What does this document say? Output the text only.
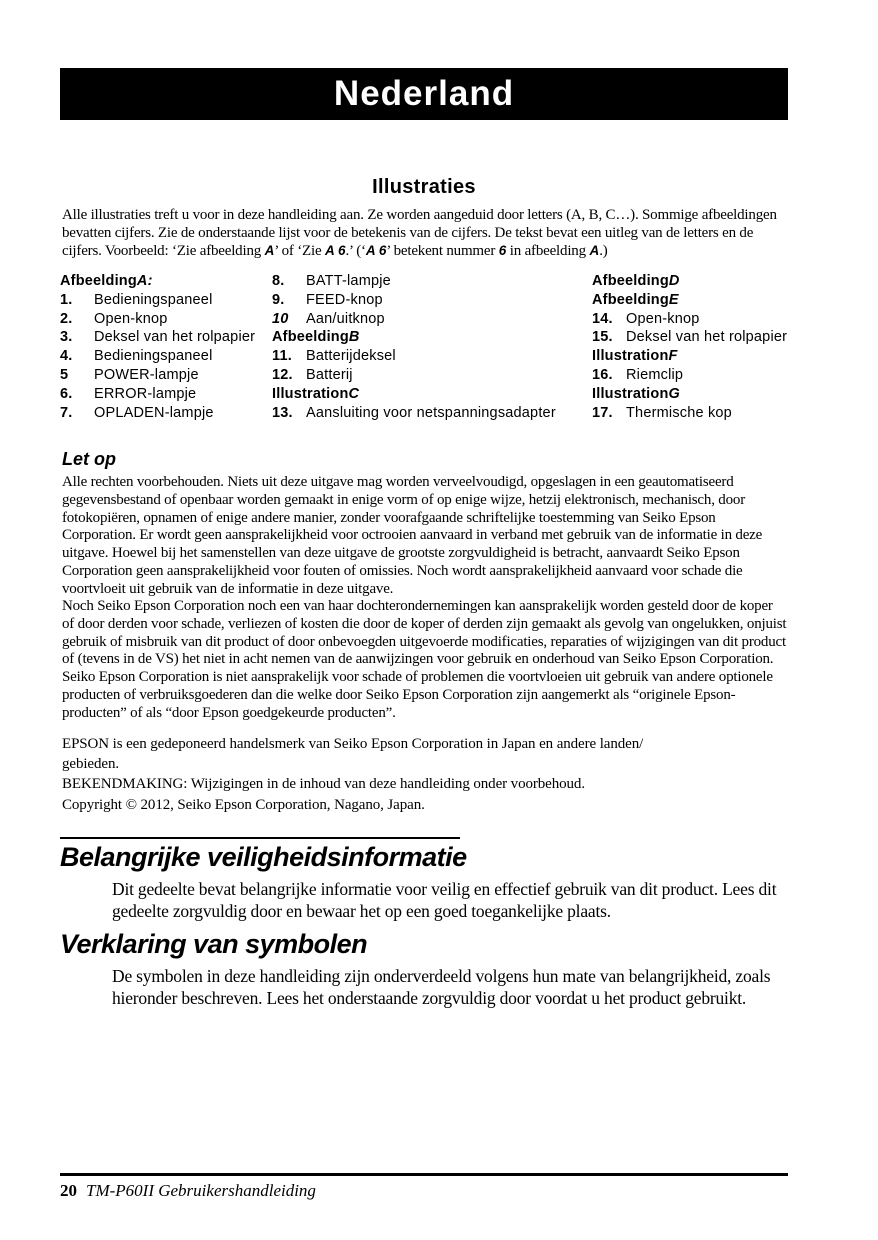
Nederland
Illustraties

Alle illustraties treft u voor in deze handleiding aan. Ze worden aangeduid door letters (A, B, C…). Sommige afbeeldingen bevatten cijfers. Zie de onderstaande lijst voor de betekenis van de cijfers. De tekst bevat een uitleg van de letters en de cijfers. Voorbeeld: ‘Zie afbeelding A’ of ‘Zie A 6.’ (‘A 6’ betekent nummer 6 in afbeelding A.)

Afbeelding A:
1.	Bedieningspaneel
2.	Open-knop
3.	Deksel van het rolpapier
4.	Bedieningspaneel
5	POWER-lampje
6.	ERROR-lampje
7.	OPLADEN-lampje
8.	BATT-lampje
9.	FEED-knop
10	Aan/uitknop
Afbeelding B
11. Batterijdeksel
12. Batterij
Illustration C
13. Aansluiting voor netspanningsadapter
Afbeelding D
Afbeelding E
14. Open-knop
15. Deksel van het rolpapier
Illustration F
16. Riemclip
Illustration G
17. Thermische kop
Let op

Alle rechten voorbehouden. Niets uit deze uitgave mag worden verveelvoudigd, opgeslagen in een geautomatiseerd gegevensbestand of openbaar worden gemaakt in enige vorm of op enige wijze, hetzij elektronisch, mechanisch, door fotokopiëren, opnamen of enige andere manier, zonder voorafgaande schriftelijke toestemming van Seiko Epson Corporation. Er wordt geen aansprakelijkheid voor octrooien aanvaard in verband met gebruik van de informatie in deze uitgave. Hoewel bij het samenstellen van deze uitgave de grootste zorgvuldigheid is betracht, aanvaardt Seiko Epson Corporation geen aansprakelijkheid voor fouten of omissies. Noch wordt aansprakelijkheid aanvaard voor schade die voortvloeit uit gebruik van de informatie in deze uitgave.

Noch Seiko Epson Corporation noch een van haar dochterondernemingen kan aansprakelijk worden gesteld door de koper of door derden voor schade, verliezen of kosten die door de koper of derden zijn gemaakt als gevolg van ongelukken, onjuist gebruik of misbruik van dit product of door onbevoegden uitgevoerde modificaties, reparaties of wijzigingen van dit product of (tevens in de VS) het niet in acht nemen van de aanwijzingen voor gebruik en onderhoud van Seiko Epson Corporation.

Seiko Epson Corporation is niet aansprakelijk voor schade of problemen die voortvloeien uit gebruik van andere optionele producten of verbruiksgoederen dan die welke door Seiko Epson Corporation zijn aangemerkt als “originele Epson-producten” of als “door Epson goedgekeurde producten”.

EPSON is een gedeponeerd handelsmerk van Seiko Epson Corporation in Japan en andere landen/
gebieden.
BEKENDMAKING: Wijzigingen in de inhoud van deze handleiding onder voorbehoud.
Copyright © 2012, Seiko Epson Corporation, Nagano, Japan.
Belangrijke veiligheidsinformatie

Dit gedeelte bevat belangrijke informatie voor veilig en effectief gebruik van dit product. Lees dit gedeelte zorgvuldig door en bewaar het op een goed toegankelijke plaats.

Verklaring van symbolen

De symbolen in deze handleiding zijn onderverdeeld volgens hun mate van belangrijkheid, zoals hieronder beschreven. Lees het onderstaande zorgvuldig door voordat u het product gebruikt.

20 TM-P60II Gebruikershandleiding
